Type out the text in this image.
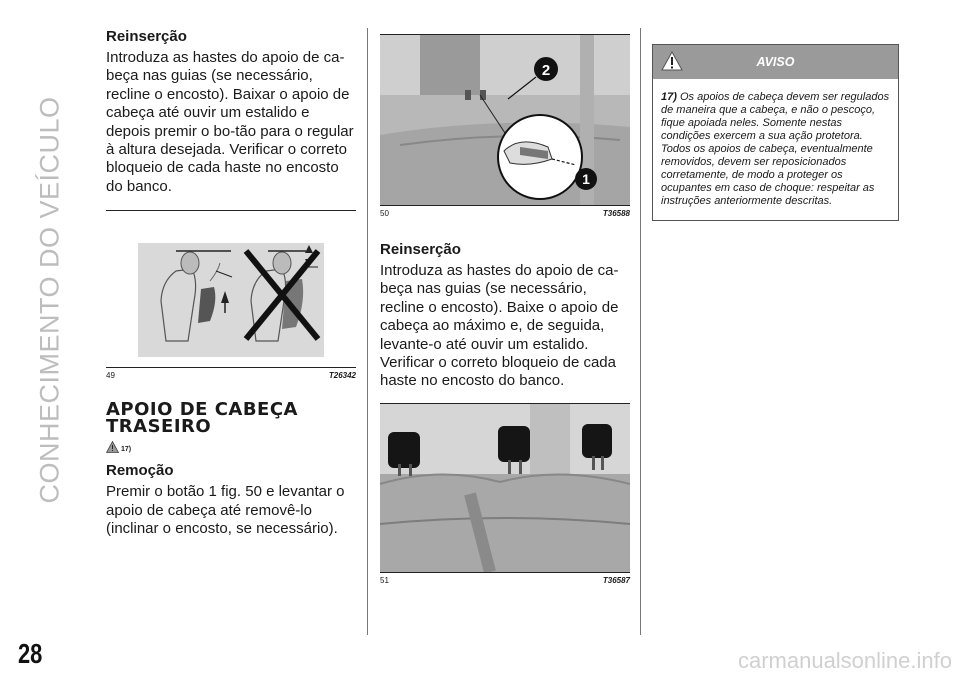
CONHECIMENTO DO VEÍCULO
28	carmanualsonline.info
Reinserção

Introduza as hastes do apoio de ca-beça nas guias (se necessário, recline o encosto). Baixar o apoio de cabeça até ouvir um estalido e depois premir o bo-tão para o regular à altura desejada. Verificar o correto bloqueio de cada haste no encosto do banco.

49	T26342
APOIO DE CABEÇA TRASEIRO
17)
Remoção

Premir o botão 1 fig. 50 e levantar o apoio de cabeça até removê-lo (inclinar o encosto, se necessário).

2
1
50	T36588
Reinserção

Introduza as hastes do apoio de ca-beça nas guias (se necessário, recline o encosto). Baixe o apoio de cabeça ao máximo e, de seguida, levante-o até ouvir um estalido. Verificar o correto bloqueio de cada haste no encosto do banco.

51	T36587
AVISO
17) Os apoios de cabeça devem ser regulados de maneira que a cabeça, e não o pescoço, fique apoiada neles. Somente nestas condições exercem a sua ação protetora. Todos os apoios de cabeça, eventualmente removidos, devem ser reposicionados corretamente, de modo a proteger os ocupantes em caso de choque: respeitar as instruções anteriormente descritas.
